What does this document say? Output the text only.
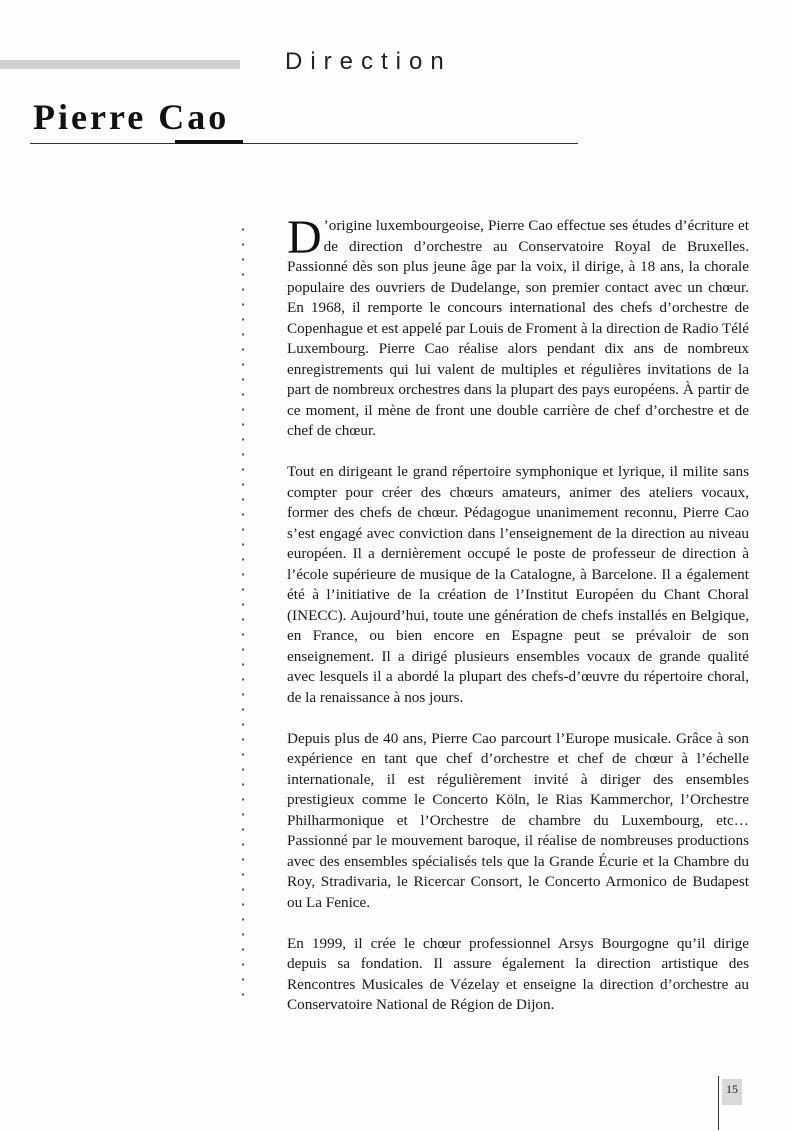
Direction
Pierre Cao

D ’origine luxembourgeoise, Pierre Cao effectue ses études d’écriture et de direction d’orchestre au Conservatoire Royal de Bruxelles. Passionné dès son plus jeune âge par la voix, il dirige, à 18 ans, la chorale populaire des ouvriers de Dudelange, son premier contact avec un chœur. En 1968, il remporte le concours international des chefs d’orchestre de Copenhague et est appelé par Louis de Froment à la direction de Radio Télé Luxembourg. Pierre Cao réalise alors pendant dix ans de nombreux enregistrements qui lui valent de multiples et régulières invitations de la part de nombreux orchestres dans la plupart des pays européens. À partir de ce moment, il mène de front une double carrière de chef d’orchestre et de chef de chœur.

Tout en dirigeant le grand répertoire symphonique et lyrique, il milite sans compter pour créer des chœurs amateurs, animer des ateliers vocaux, former des chefs de chœur. Pédagogue unanimement reconnu, Pierre Cao s’est engagé avec conviction dans l’enseignement de la direction au niveau européen. Il a dernièrement occupé le poste de professeur de direction à l’école supérieure de musique de la Catalogne, à Barcelone. Il a également été à l’initiative de la création de l’Institut Européen du Chant Choral (INECC). Aujourd’hui, toute une génération de chefs installés en Belgique, en France, ou bien encore en Espagne peut se prévaloir de son enseignement. Il a dirigé plusieurs ensembles vocaux de grande qualité avec lesquels il a abordé la plupart des chefs-d’œuvre du répertoire choral, de la renaissance à nos jours.

Depuis plus de 40 ans, Pierre Cao parcourt l’Europe musicale. Grâce à son expérience en tant que chef d’orchestre et chef de chœur à l’échelle internationale, il est régulièrement invité à diriger des ensembles prestigieux comme le Concerto Köln, le Rias Kammerchor, l’Orchestre Philharmonique et l’Orchestre de chambre du Luxembourg, etc… Passionné par le mouvement baroque, il réalise de nombreuses productions avec des ensembles spécialisés tels que la Grande Écurie et la Chambre du Roy, Stradivaria, le Ricercar Consort, le Concerto Armonico de Budapest ou La Fenice.

En 1999, il crée le chœur professionnel Arsys Bourgogne qu’il dirige depuis sa fondation. Il assure également la direction artistique des Rencontres Musicales de Vézelay et enseigne la direction d’orchestre au Conservatoire National de Région de Dijon.

15
